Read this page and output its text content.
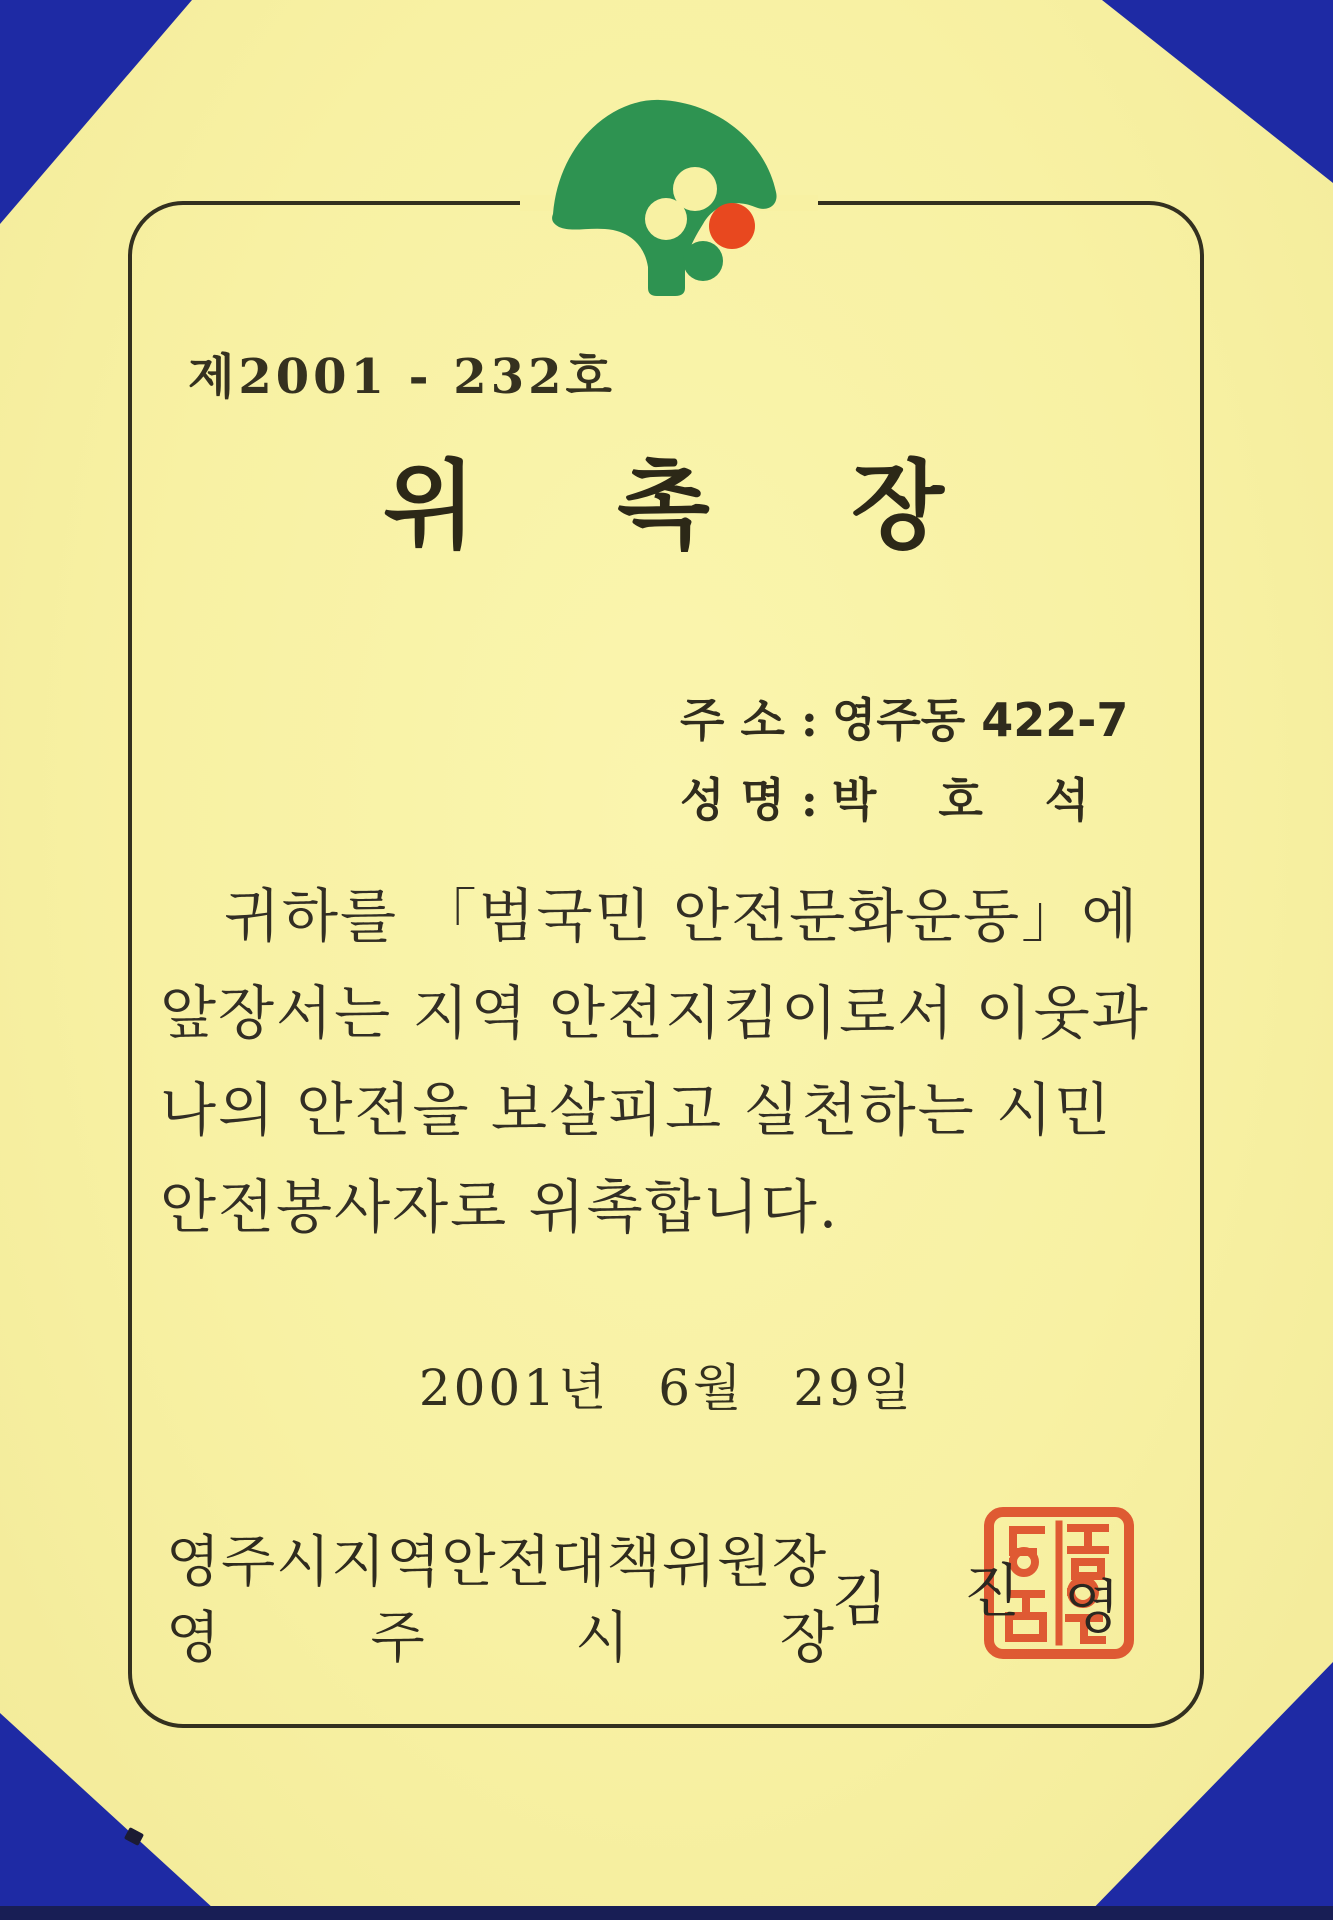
제2001 - 232호
위 촉 장
주 소 : 영주동 422-7
성 명 : 박 호 석
귀하를 「범국민 안전문화운동」에
앞장서는 지역 안전지킴이로서 이웃과
나의 안전을 보살피고 실천하는 시민
안전봉사자로 위촉합니다.
2001년 6월 29일
영주시지역안전대책위원장
영	주	시	장
김 진 영
